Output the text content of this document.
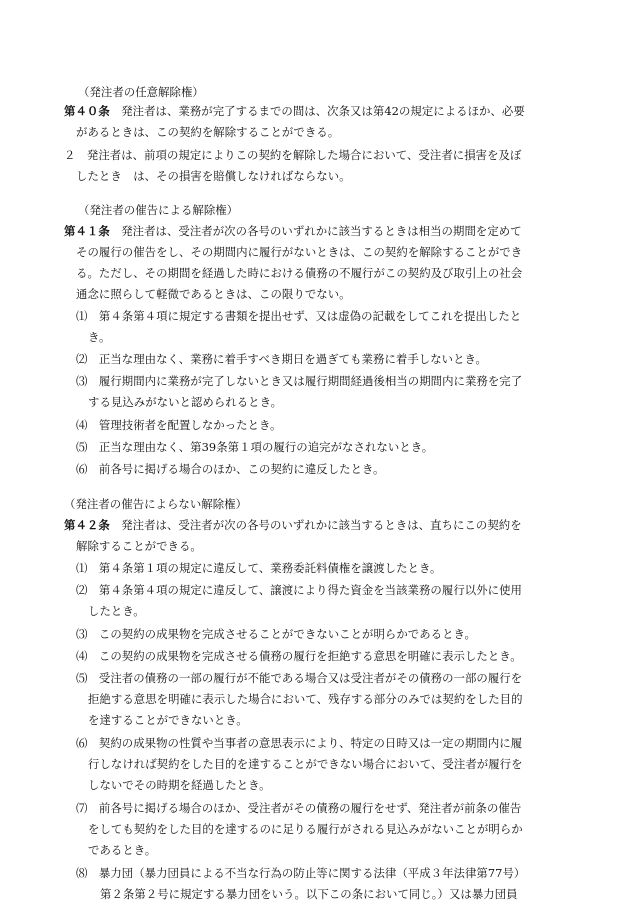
（発注者の任意解除権）
第４０条　 発注者は、業務が完了するまでの間は、次条又は第42の規定によるほか、必要
があるときは、この契約を解除することができる。
２　発注者は、前項の規定によりこの契約を解除した場合において、受注者に損害を及ぼ
したとき　は、その損害を賠償しなければならない。
（発注者の催告による解除権）
第４１条　 発注者は、受注者が次の各号のいずれかに該当するときは相当の期間を定めて
その履行の催告をし、その期間内に履行がないときは、この契約を解除することができ
る。ただし、その期間を経過した時における債務の不履行がこの契約及び取引上の社会
通念に照らして軽微であるときは、この限りでない。
⑴　第４条第４項に規定する書類を提出せず、又は虚偽の記載をしてこれを提出したと
き。
⑵　正当な理由なく、業務に着手すべき期日を過ぎても業務に着手しないとき。
⑶　履行期間内に業務が完了しないとき又は履行期間経過後相当の期間内に業務を完了
する見込みがないと認められるとき。
⑷　管理技術者を配置しなかったとき。
⑸　正当な理由なく、第39条第１項の履行の追完がなされないとき。
⑹　前各号に掲げる場合のほか、この契約に違反したとき。
（発注者の催告によらない解除権）
第４２条　 発注者は、受注者が次の各号のいずれかに該当するときは、直ちにこの契約を
解除することができる。
⑴　第４条第１項の規定に違反して、業務委託料債権を譲渡したとき。
⑵　第４条第４項の規定に違反して、譲渡により得た資金を当該業務の履行以外に使用
したとき。
⑶　この契約の成果物を完成させることができないことが明らかであるとき。
⑷　この契約の成果物を完成させる債務の履行を拒絶する意思を明確に表示したとき。
⑸　受注者の債務の一部の履行が不能である場合又は受注者がその債務の一部の履行を
拒絶する意思を明確に表示した場合において、残存する部分のみでは契約をした目的
を達することができないとき。
⑹　契約の成果物の性質や当事者の意思表示により、特定の日時又は一定の期間内に履
行しなければ契約をした目的を達することができない場合において、受注者が履行を
しないでその時期を経過したとき。
⑺　前各号に掲げる場合のほか、受注者がその債務の履行をせず、発注者が前条の催告
をしても契約をした目的を達するのに足りる履行がされる見込みがないことが明らか
であるとき。
⑻　暴力団（暴力団員による不当な行為の防止等に関する法律（平成３年法律第77号）
第２条第２号に規定する暴力団をいう。以下この条において同じ。）又は暴力団員
